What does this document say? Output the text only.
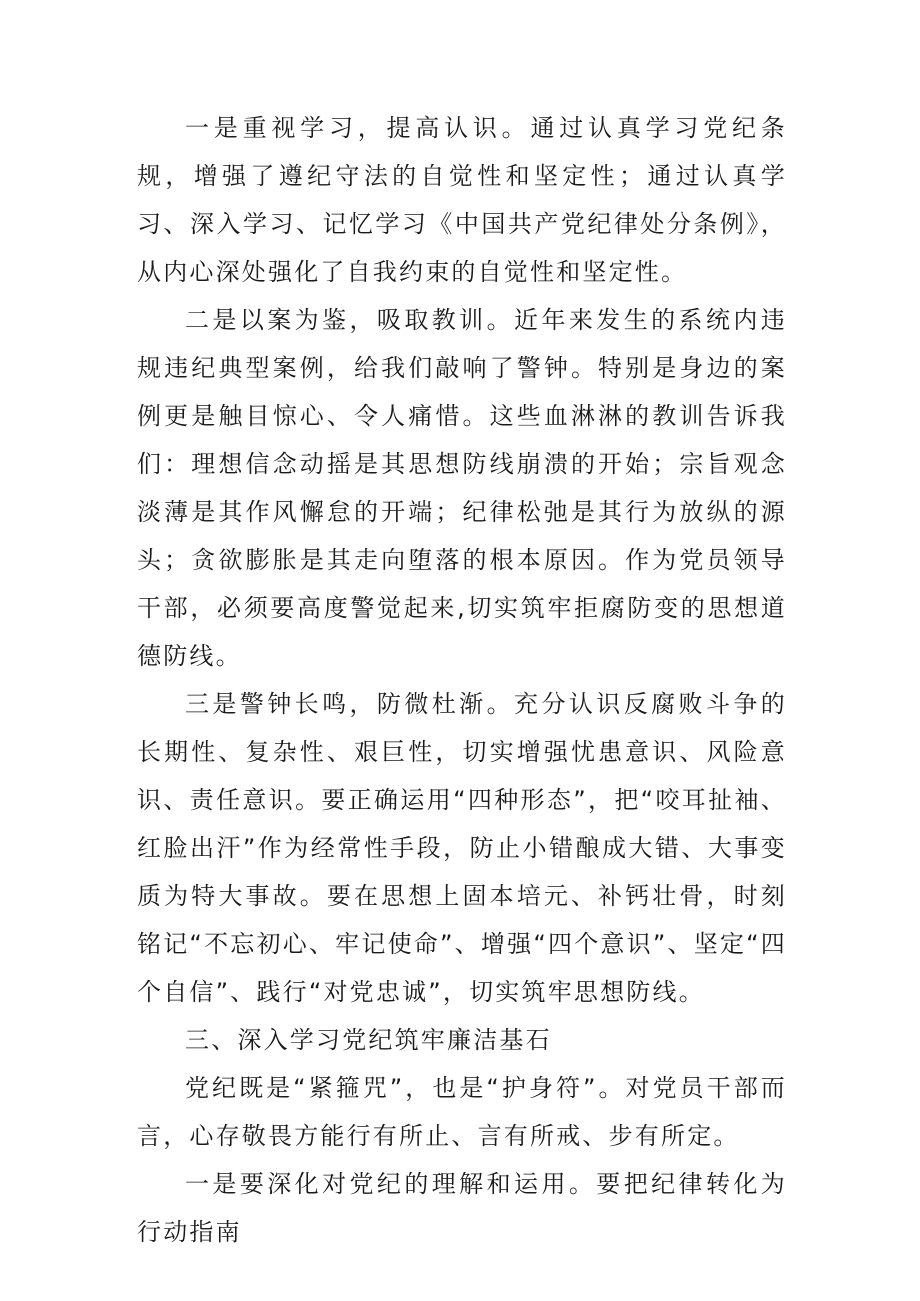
一是重视学习，提高认识。通过认真学习党纪条规，增强了遵纪守法的自觉性和坚定性；通过认真学习、深入学习、记忆学习《中国共产党纪律处分条例》，从内心深处强化了自我约束的自觉性和坚定性。

二是以案为鉴，吸取教训。近年来发生的系统内违规违纪典型案例，给我们敲响了警钟。特别是身边的案例更是触目惊心、令人痛惜。这些血淋淋的教训告诉我们：理想信念动摇是其思想防线崩溃的开始；宗旨观念淡薄是其作风懈怠的开端；纪律松弛是其行为放纵的源头；贪欲膨胀是其走向堕落的根本原因。作为党员领导干部，必须要高度警觉起来,切实筑牢拒腐防变的思想道德防线。

三是警钟长鸣，防微杜渐。充分认识反腐败斗争的长期性、复杂性、艰巨性，切实增强忧患意识、风险意识、责任意识。要正确运用“四种形态”，把“咬耳扯袖、红脸出汗”作为经常性手段，防止小错酿成大错、大事变质为特大事故。要在思想上固本培元、补钙壮骨，时刻铭记“不忘初心、牢记使命”、增强“四个意识”、坚定“四个自信”、践行“对党忠诚”，切实筑牢思想防线。

三、深入学习党纪筑牢廉洁基石

党纪既是“紧箍咒”，也是“护身符”。对党员干部而言，心存敬畏方能行有所止、言有所戒、步有所定。

一是要深化对党纪的理解和运用。要把纪律转化为行动指南
